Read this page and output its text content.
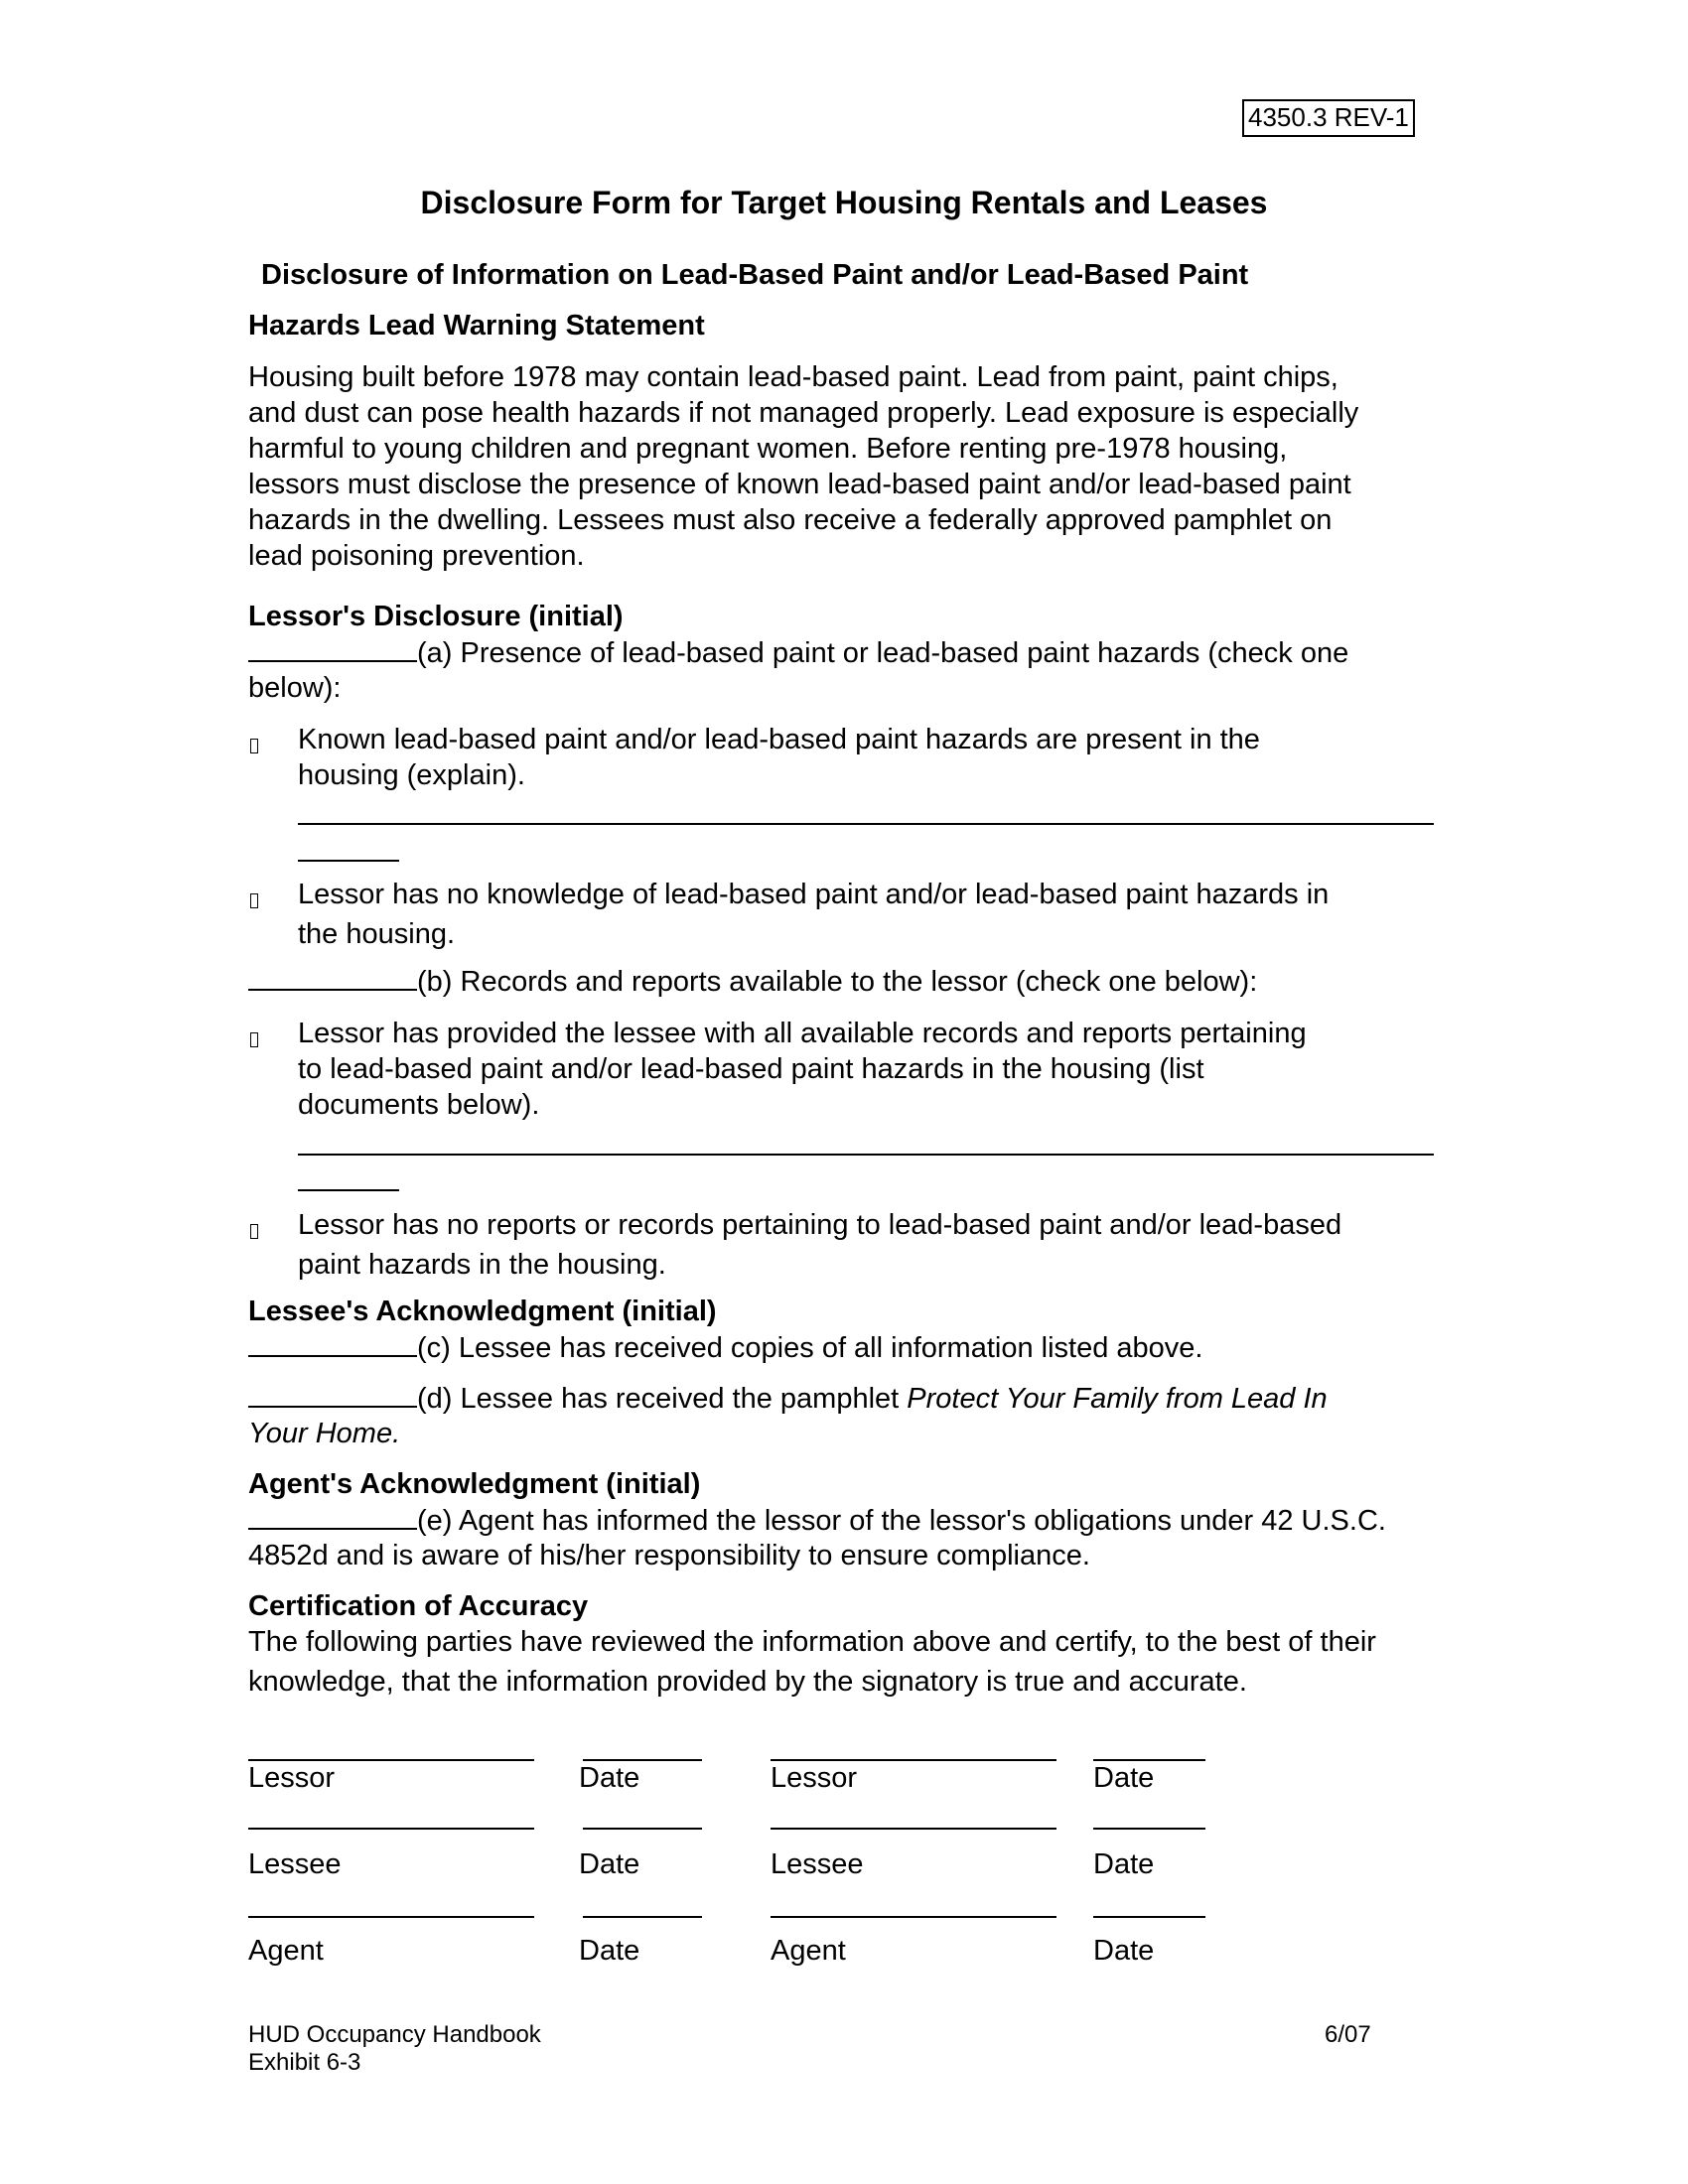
4350.3 REV-1
Disclosure Form for Target Housing Rentals and Leases
Disclosure of Information on Lead-Based Paint and/or Lead-Based Paint
Hazards Lead Warning Statement
Housing built before 1978 may contain lead-based paint. Lead from paint, paint chips,
and dust can pose health hazards if not managed properly. Lead exposure is especially
harmful to young children and pregnant women. Before renting pre-1978 housing,
lessors must disclose the presence of known lead-based paint and/or lead-based paint
hazards in the dwelling. Lessees must also receive a federally approved pamphlet on
lead poisoning prevention.
Lessor's Disclosure (initial)
(a) Presence of lead-based paint or lead-based paint hazards (check one
below):
Known lead-based paint and/or lead-based paint hazards are present in the
housing (explain).
Lessor has no knowledge of lead-based paint and/or lead-based paint hazards in
the housing.
(b) Records and reports available to the lessor (check one below):
Lessor has provided the lessee with all available records and reports pertaining
to lead-based paint and/or lead-based paint hazards in the housing (list
documents below).
Lessor has no reports or records pertaining to lead-based paint and/or lead-based
paint hazards in the housing.
Lessee's Acknowledgment (initial)
(c) Lessee has received copies of all information listed above.
(d) Lessee has received the pamphlet Protect Your Family from Lead In
Your Home.
Agent's Acknowledgment (initial)
(e) Agent has informed the lessor of the lessor's obligations under 42 U.S.C.
4852d and is aware of his/her responsibility to ensure compliance.
Certification of Accuracy
The following parties have reviewed the information above and certify, to the best of their
knowledge, that the information provided by the signatory is true and accurate.
Lessor	Date	Lessor	Date
Lessee	Date	Lessee	Date
Agent	Date	Agent	Date
HUD Occupancy Handbook
Exhibit 6-3
6/07
